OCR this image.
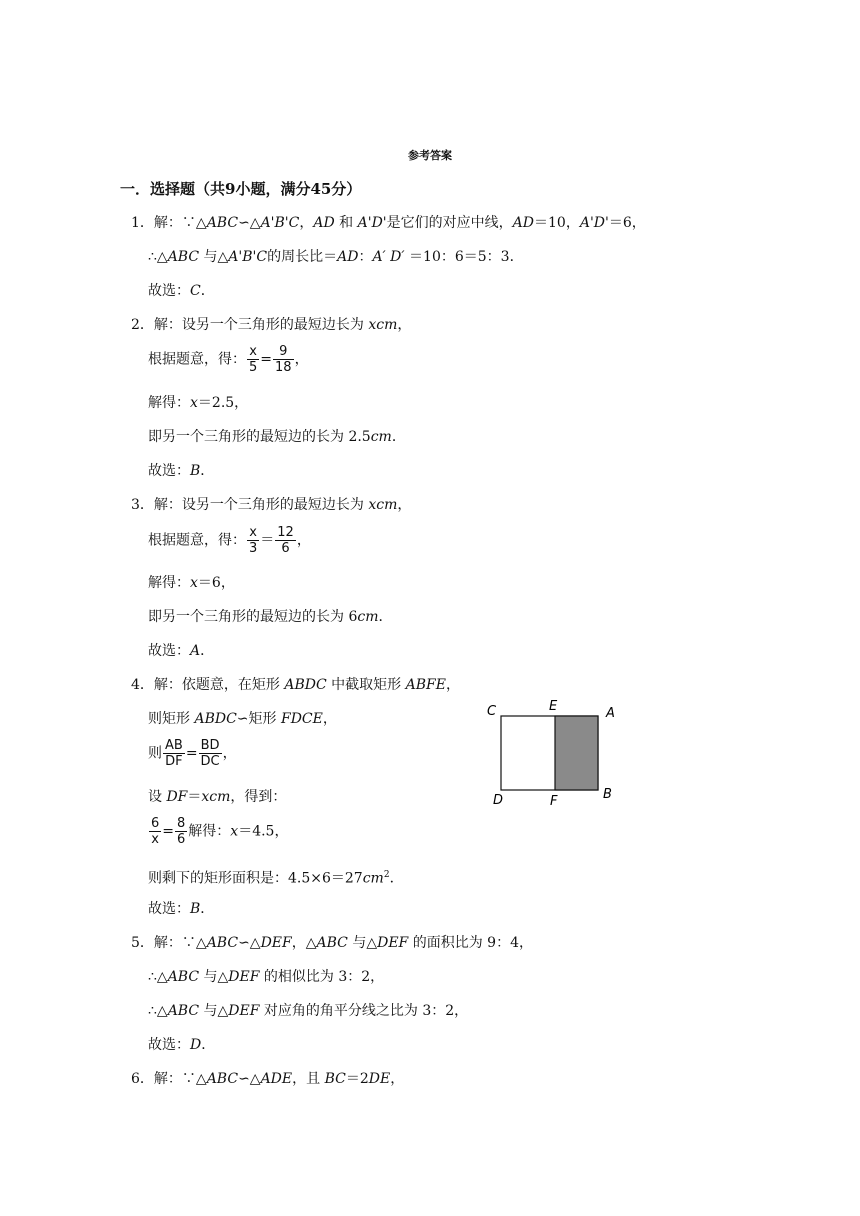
参考答案
一．选择题（共9小题，满分45分）
1．解：∵△ABC∽△A'B'C，AD 和 A'D'是它们的对应中线，AD＝10，A'D'＝6，
∴△ABC 与△A'B'C的周长比＝AD：A′ D′ ＝10：6＝5：3．
故选：C．
2．解：设另一个三角形的最短边长为 xcm，
根据题意，得： $\frac{x}{5} = \frac{9}{18}$ ，
解得：x＝2.5，
即另一个三角形的最短边的长为 2.5cm．
故选：B．
3．解：设另一个三角形的最短边长为 xcm，
根据题意，得： $\frac{x}{3} = \frac{12}{6}$ ，
解得：x＝6，
即另一个三角形的最短边的长为 6cm．
故选：A．
4．解：依题意，在矩形 ABDC 中截取矩形 ABFE，
则矩形 ABDC∽矩形 FDCE，
则 $\frac{AB}{DF} = \frac{BD}{DC}$ ，
设 DF＝xcm，得到：
$\frac{6}{x} = \frac{8}{6}$ 解得：x＝4.5，
则剩下的矩形面积是：$4.5\times 6=27cm^2$．
故选：B．
C	E	A
D	F	B
5．解：∵△ABC∽△DEF，△ABC 与△DEF 的面积比为 9：4，
∴△ABC 与△DEF 的相似比为 3：2，
∴△ABC 与△DEF 对应角的角平分线之比为 3：2，
故选：D．
6．解：∵△ABC∽△ADE，且 BC＝2DE，
